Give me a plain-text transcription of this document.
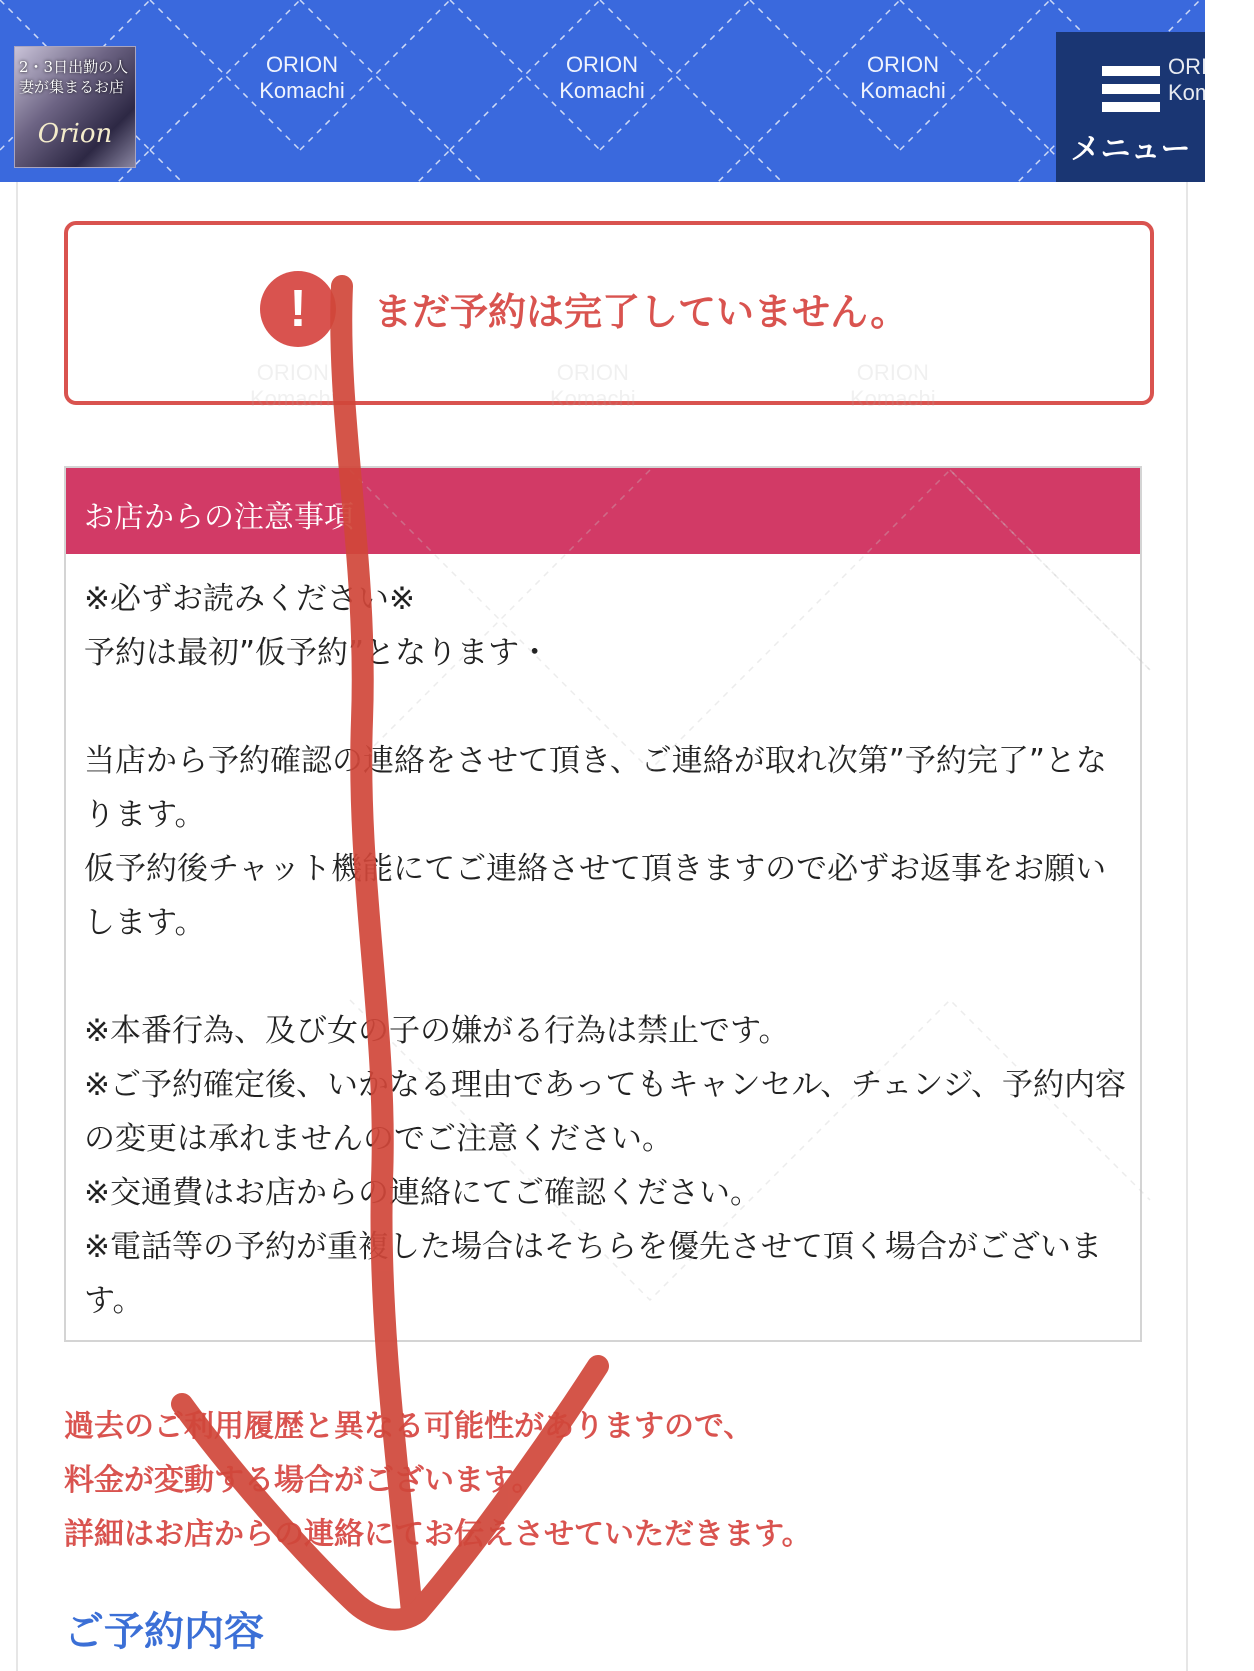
2・3日出勤の人妻が集まるお店
Orion
ORION
Komachi
ORION
Komachi
ORION
Komachi
メニュー
ORION
Komachi
!	まだ予約は完了していません。
お店からの注意事項

※必ずお読みください※

予約は最初”仮予約”となります・

当店から予約確認の連絡をさせて頂き、ご連絡が取れ次第”予約完了”となります。

仮予約後チャット機能にてご連絡させて頂きますので必ずお返事をお願いします。

※本番行為、及び女の子の嫌がる行為は禁止です。

※ご予約確定後、いかなる理由であってもキャンセル、チェンジ、予約内容の変更は承れませんのでご注意ください。

※交通費はお店からの連絡にてご確認ください。

※電話等の予約が重複した場合はそちらを優先させて頂く場合がございます。

過去のご利用履歴と異なる可能性がありますので、

料金が変動する場合がございます。

詳細はお店からの連絡にてお伝えさせていただきます。

ご予約内容
ORION
Komachi
ORION
Komachi
ORION
Komachi
